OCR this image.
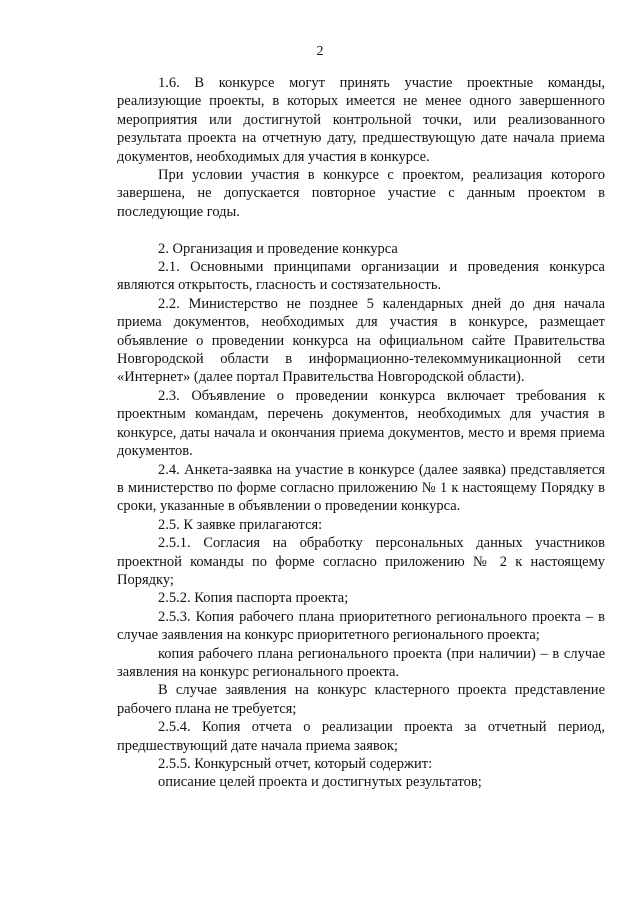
2

1.6. В конкурсе могут принять участие проектные команды, реализующие проекты, в которых имеется не менее одного завершенного мероприятия или достигнутой контрольной точки, или реализованного результата проекта на отчетную дату, предшествующую дате начала приема документов, необходимых для участия в конкурсе.

При условии участия в конкурсе с проектом, реализация которого завершена, не допускается повторное участие с данным проектом в последующие годы.

2. Организация и проведение конкурса

2.1. Основными принципами организации и проведения конкурса являются открытость, гласность и состязательность.

2.2. Министерство не позднее 5 календарных дней до дня начала приема документов, необходимых для участия в конкурсе, размещает объявление о проведении конкурса на официальном сайте Правительства Новгородской области в информационно-телекоммуникационной сети «Интернет» (далее портал Правительства Новгородской области).

2.3. Объявление о проведении конкурса включает требования к проектным командам, перечень документов, необходимых для участия в конкурсе, даты начала и окончания приема документов, место и время приема документов.

2.4. Анкета-заявка на участие в конкурсе (далее заявка) представляется в министерство по форме согласно приложению № 1 к настоящему Порядку в сроки, указанные в объявлении о проведении конкурса.

2.5. К заявке прилагаются:

2.5.1. Согласия на обработку персональных данных участников проектной команды по форме согласно приложению № 2 к настоящему Порядку;

2.5.2. Копия паспорта проекта;

2.5.3. Копия рабочего плана приоритетного регионального проекта – в случае заявления на конкурс приоритетного регионального проекта;

копия рабочего плана регионального проекта (при наличии) – в случае заявления на конкурс регионального проекта.

В случае заявления на конкурс кластерного проекта представление рабочего плана не требуется;

2.5.4. Копия отчета о реализации проекта за отчетный период, предшествующий дате начала приема заявок;

2.5.5. Конкурсный отчет, который содержит:

описание целей проекта и достигнутых результатов;
